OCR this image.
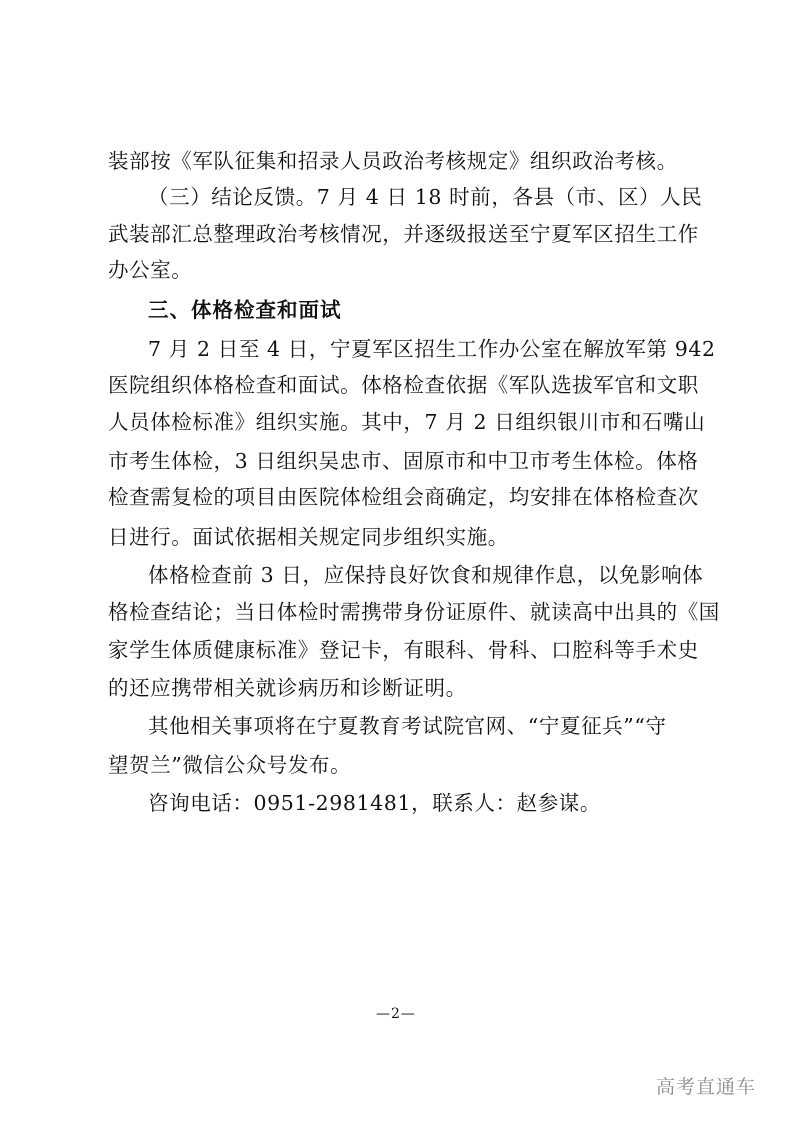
装部按《军队征集和招录人员政治考核规定》组织政治考核。
（三）结论反馈。7 月 4 日 18 时前，各县（市、区）人民
武装部汇总整理政治考核情况，并逐级报送至宁夏军区招生工作
办公室。
三、体格检查和面试
7 月 2 日至 4 日，宁夏军区招生工作办公室在解放军第 942
医院组织体格检查和面试。体格检查依据《军队选拔军官和文职
人员体检标准》组织实施。其中，7 月 2 日组织银川市和石嘴山
市考生体检，3 日组织吴忠市、固原市和中卫市考生体检。体格
检查需复检的项目由医院体检组会商确定，均安排在体格检查次
日进行。面试依据相关规定同步组织实施。
体格检查前 3 日，应保持良好饮食和规律作息，以免影响体
格检查结论；当日体检时需携带身份证原件、就读高中出具的《国
家学生体质健康标准》登记卡，有眼科、骨科、口腔科等手术史
的还应携带相关就诊病历和诊断证明。
其他相关事项将在宁夏教育考试院官网、“宁夏征兵”“守
望贺兰”微信公众号发布。
咨询电话：0951-2981481，联系人：赵参谋。
—2—
高考直通车
